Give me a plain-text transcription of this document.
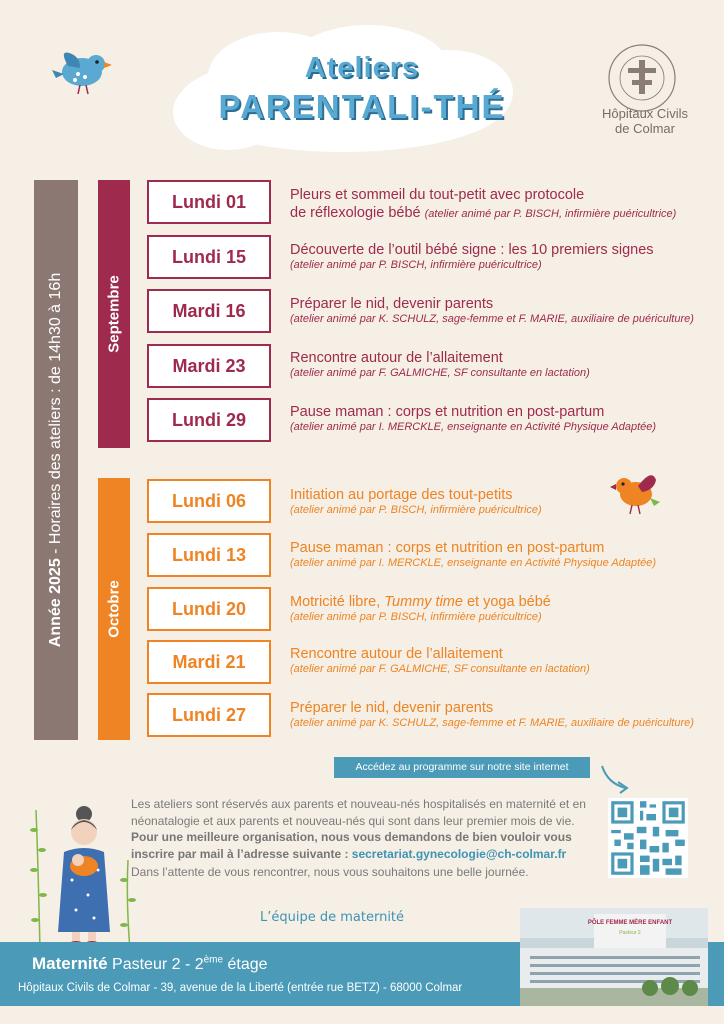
Ateliers
PARENTALI-THÉ	Hôpitaux Civils
de Colmar
Année 2025 - Horaires des ateliers : de 14h30 à 16h	Septembre
Octobre
Lundi 01	Pleurs et sommeil du tout-petit avec protocole
de réflexologie bébé (atelier animé par P. BISCH, infirmière puéricultrice)
Lundi 15	Découverte de l’outil bébé signe : les 10 premiers signes
(atelier animé par P. BISCH, infirmière puéricultrice)
Mardi 16	Préparer le nid, devenir parents
(atelier animé par K. SCHULZ, sage-femme et F. MARIE, auxiliaire de puériculture)
Mardi 23	Rencontre autour de l’allaitement
(atelier animé par F. GALMICHE, SF consultante en lactation)
Lundi 29	Pause maman : corps et nutrition en post-partum
(atelier animé par I. MERCKLE, enseignante en Activité Physique Adaptée)
Lundi 06	Initiation au portage des tout-petits
(atelier animé par P. BISCH, infirmière puéricultrice)
Lundi 13	Pause maman : corps et nutrition en post-partum
(atelier animé par I. MERCKLE, enseignante en Activité Physique Adaptée)
Lundi 20	Motricité libre, Tummy time et yoga bébé
(atelier animé par P. BISCH, infirmière puéricultrice)
Mardi 21	Rencontre autour de l’allaitement
(atelier animé par F. GALMICHE, SF consultante en lactation)
Lundi 27	Préparer le nid, devenir parents
(atelier animé par K. SCHULZ, sage-femme et F. MARIE, auxiliaire de puériculture)
Accédez au programme sur notre site internet

Les ateliers sont réservés aux parents et nouveau-nés hospitalisés en maternité et en néonatalogie et aux parents et nouveau-nés qui sont dans leur premier mois de vie.

Pour une meilleure organisation, nous vous demandons de bien vouloir vous inscrire par mail à l’adresse suivante : secretariat.gynecologie@ch-colmar.fr

Dans l’attente de vous rencontrer, nous vous souhaitons une belle journée.

L’équipe de maternité
Maternité Pasteur 2 - 2ème étage
Hôpitaux Civils de Colmar - 39, avenue de la Liberté (entrée rue BETZ) - 68000 Colmar
PÔLE FEMME MÈRE ENFANT
Pasteur 2
